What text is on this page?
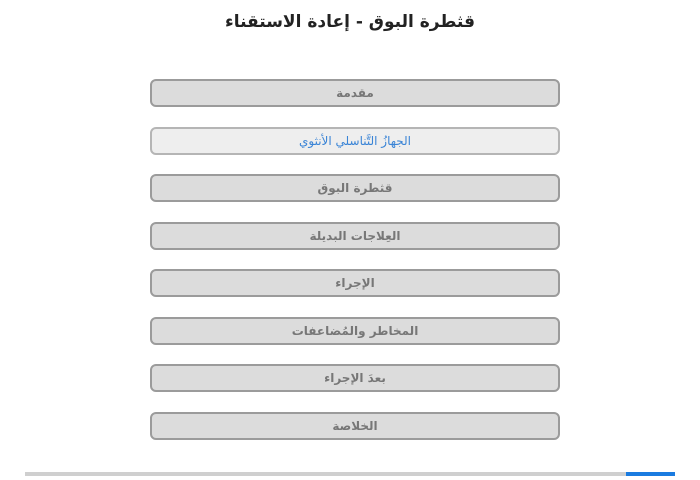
قثطرة البوق - إعادة الاستقناء
مقدمة
الجهازُ التَّناسلي الأنثوي
قثطرة البوق
العِلاجات البديلة
الإجراء
المخاطر والمُضاعفات
بعدَ الإجراء
الخلاصة
